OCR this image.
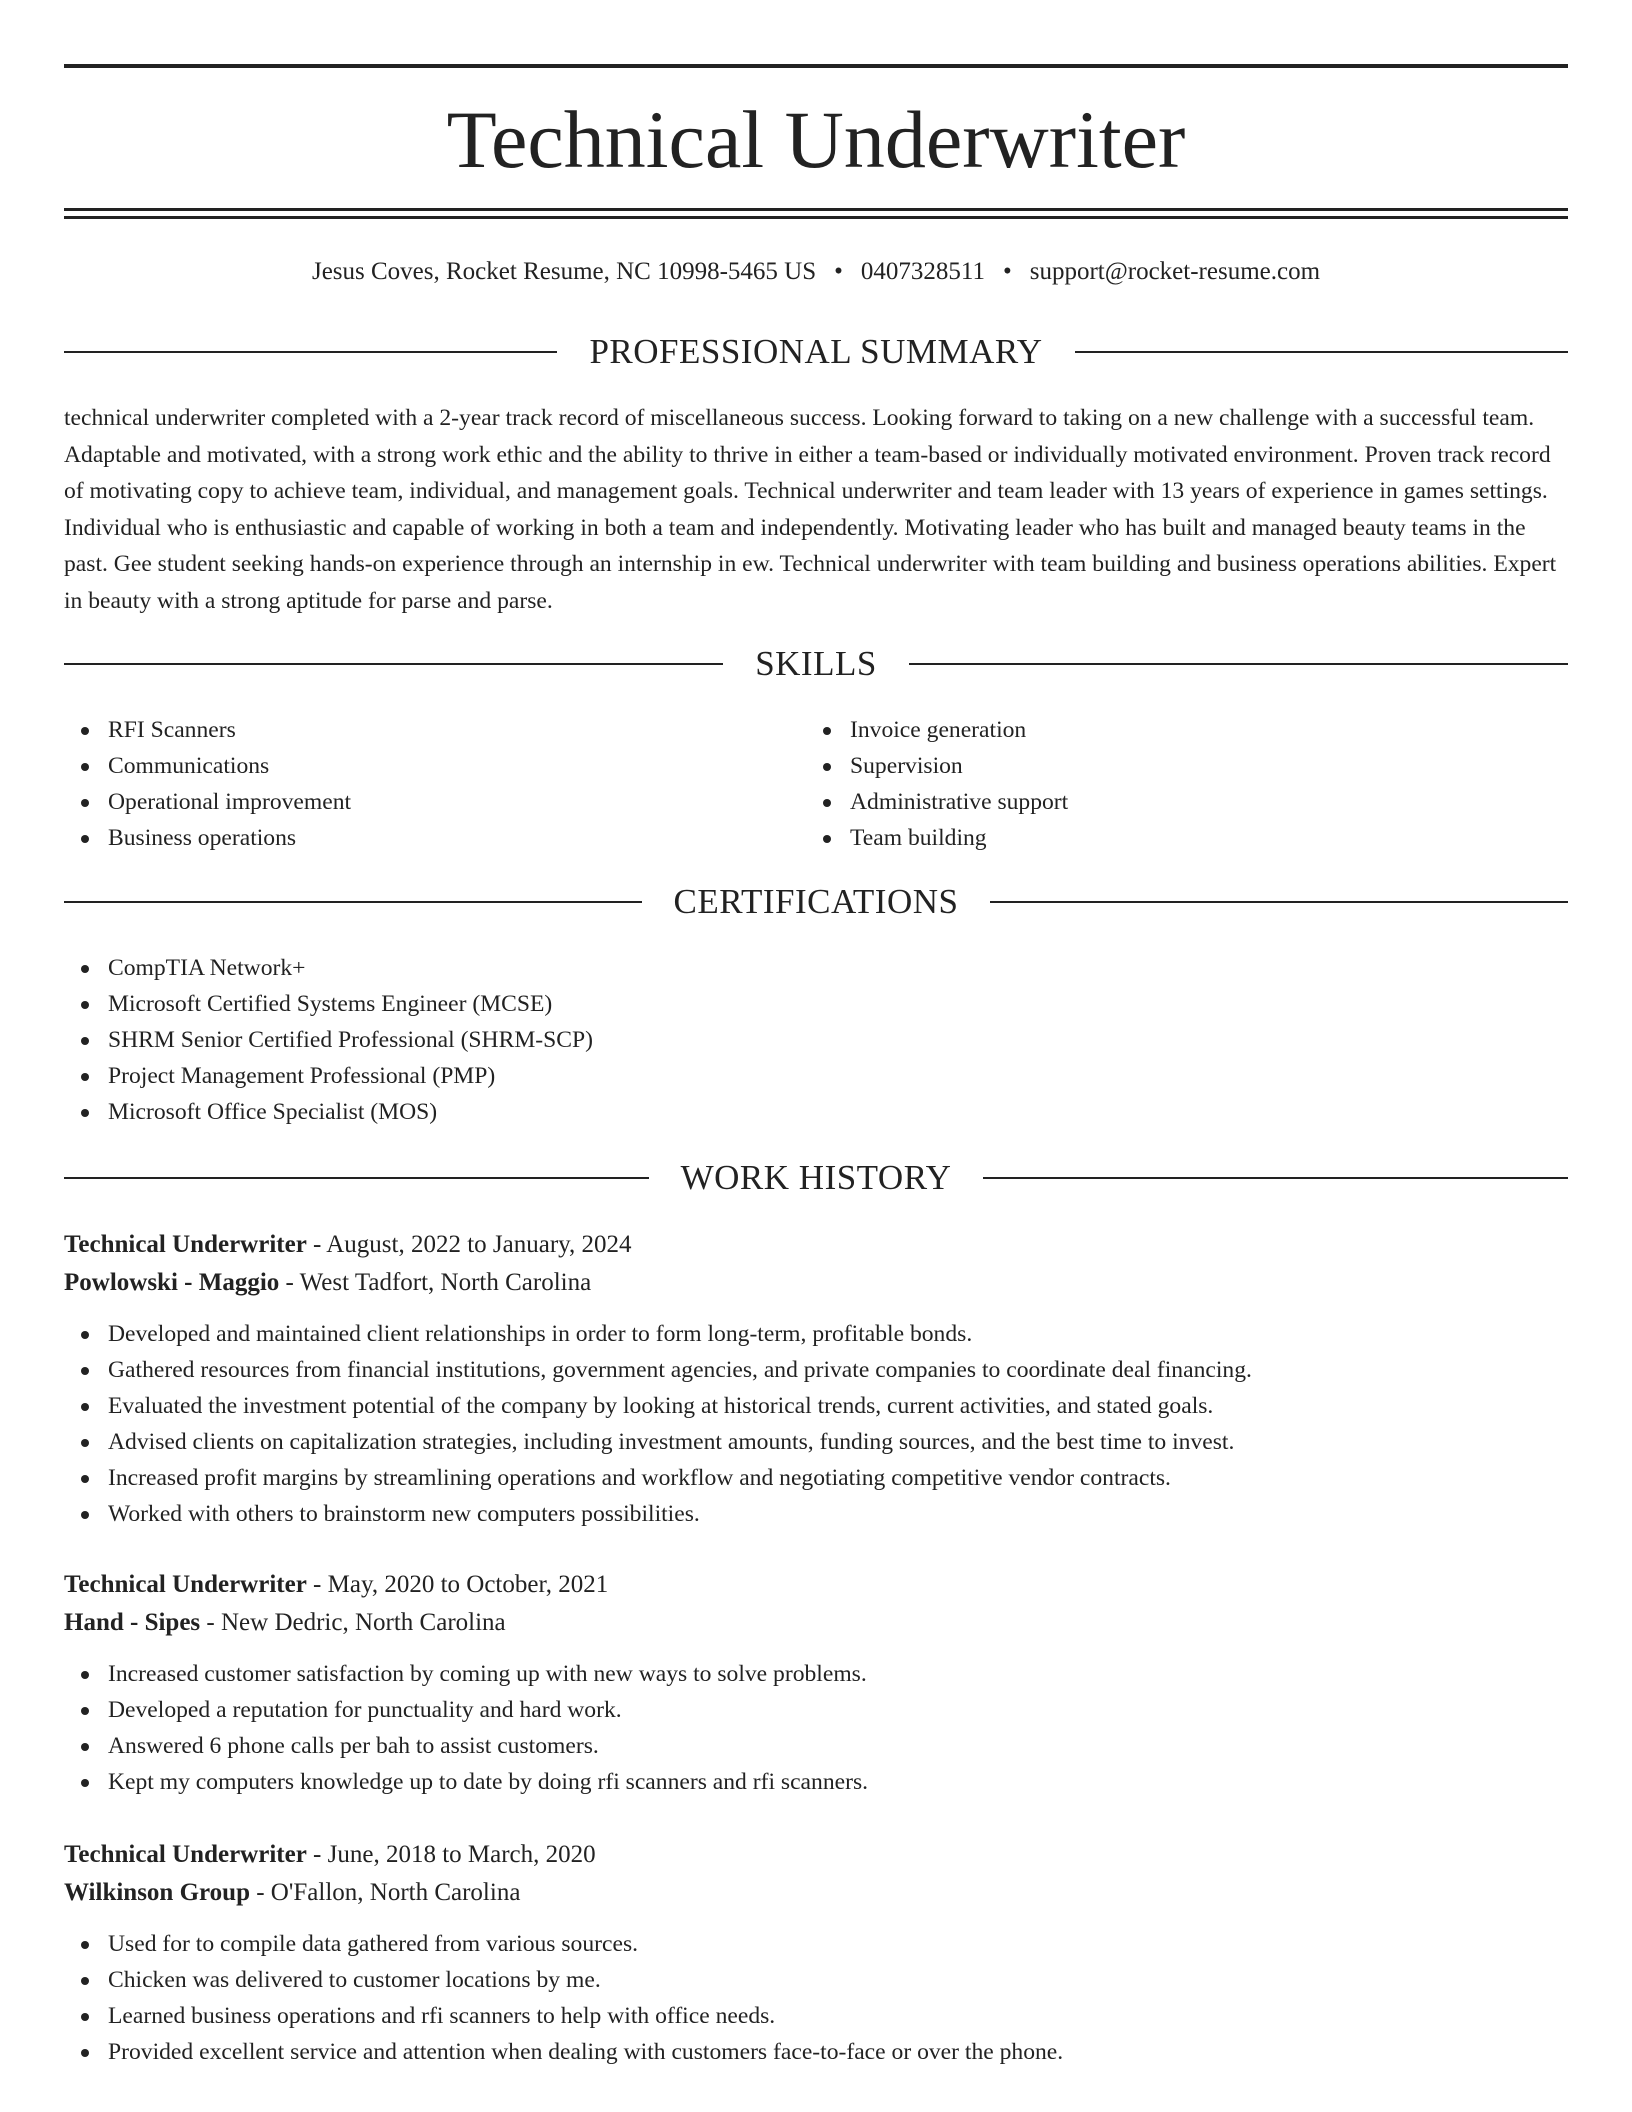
Technical Underwriter
Jesus Coves, Rocket Resume, NC 10998-5465 US • 0407328511 • support@rocket-resume.com
PROFESSIONAL SUMMARY

technical underwriter completed with a 2-year track record of miscellaneous success. Looking forward to taking on a new challenge with a successful team. Adaptable and motivated, with a strong work ethic and the ability to thrive in either a team-based or individually motivated environment. Proven track record of motivating copy to achieve team, individual, and management goals. Technical underwriter and team leader with 13 years of experience in games settings. Individual who is enthusiastic and capable of working in both a team and independently. Motivating leader who has built and managed beauty teams in the past. Gee student seeking hands-on experience through an internship in ew. Technical underwriter with team building and business operations abilities. Expert in beauty with a strong aptitude for parse and parse.

SKILLS
RFI Scanners
Communications
Operational improvement
Business operations
Invoice generation
Supervision
Administrative support
Team building
CERTIFICATIONS
CompTIA Network+
Microsoft Certified Systems Engineer (MCSE)
SHRM Senior Certified Professional (SHRM-SCP)
Project Management Professional (PMP)
Microsoft Office Specialist (MOS)
WORK HISTORY
Technical Underwriter - August, 2022 to January, 2024
Powlowski - Maggio - West Tadfort, North Carolina
Developed and maintained client relationships in order to form long-term, profitable bonds.
Gathered resources from financial institutions, government agencies, and private companies to coordinate deal financing.
Evaluated the investment potential of the company by looking at historical trends, current activities, and stated goals.
Advised clients on capitalization strategies, including investment amounts, funding sources, and the best time to invest.
Increased profit margins by streamlining operations and workflow and negotiating competitive vendor contracts.
Worked with others to brainstorm new computers possibilities.
Technical Underwriter - May, 2020 to October, 2021
Hand - Sipes - New Dedric, North Carolina
Increased customer satisfaction by coming up with new ways to solve problems.
Developed a reputation for punctuality and hard work.
Answered 6 phone calls per bah to assist customers.
Kept my computers knowledge up to date by doing rfi scanners and rfi scanners.
Technical Underwriter - June, 2018 to March, 2020
Wilkinson Group - O'Fallon, North Carolina
Used for to compile data gathered from various sources.
Chicken was delivered to customer locations by me.
Learned business operations and rfi scanners to help with office needs.
Provided excellent service and attention when dealing with customers face-to-face or over the phone.
